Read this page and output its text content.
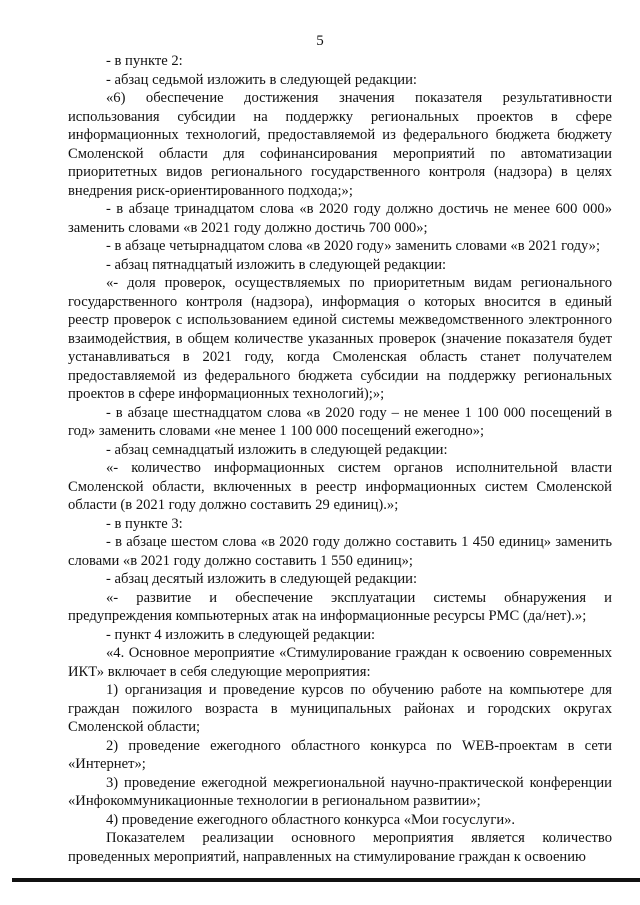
5

- в пункте 2:

- абзац седьмой изложить в следующей редакции:

«6) обеспечение достижения значения показателя результативности использования субсидии на поддержку региональных проектов в сфере информационных технологий, предоставляемой из федерального бюджета бюджету Смоленской области для софинансирования мероприятий по автоматизации приоритетных видов регионального государственного контроля (надзора) в целях внедрения риск-ориентированного подхода;»;

- в абзаце тринадцатом слова «в 2020 году должно достичь не менее 600 000» заменить словами «в 2021 году должно достичь 700 000»;

- в абзаце четырнадцатом слова «в 2020 году» заменить словами «в 2021 году»;

- абзац пятнадцатый изложить в следующей редакции:

«- доля проверок, осуществляемых по приоритетным видам регионального государственного контроля (надзора), информация о которых вносится в единый реестр проверок с использованием единой системы межведомственного электронного взаимодействия, в общем количестве указанных проверок (значение показателя будет устанавливаться в 2021 году, когда Смоленская область станет получателем предоставляемой из федерального бюджета субсидии на поддержку региональных проектов в сфере информационных технологий);»;

- в абзаце шестнадцатом слова «в 2020 году – не менее 1 100 000 посещений в год» заменить словами «не менее 1 100 000 посещений ежегодно»;

- абзац семнадцатый изложить в следующей редакции:

«- количество информационных систем органов исполнительной власти Смоленской области, включенных в реестр информационных систем Смоленской области (в 2021 году должно составить 29 единиц).»;

- в пункте 3:

- в абзаце шестом слова «в 2020 году должно составить 1 450 единиц» заменить словами «в 2021 году должно составить 1 550 единиц»;

- абзац десятый изложить в следующей редакции:

«- развитие и обеспечение эксплуатации системы обнаружения и предупреждения компьютерных атак на информационные ресурсы РМС (да/нет).»;

- пункт 4 изложить в следующей редакции:

«4. Основное мероприятие «Стимулирование граждан к освоению современных ИКТ» включает в себя следующие мероприятия:

1) организация и проведение курсов по обучению работе на компьютере для граждан пожилого возраста в муниципальных районах и городских округах Смоленской области;

2) проведение ежегодного областного конкурса по WEB-проектам в сети «Интернет»;

3) проведение ежегодной межрегиональной научно-практической конференции «Инфокоммуникационные технологии в региональном развитии»;

4) проведение ежегодного областного конкурса «Мои госуслуги».

Показателем реализации основного мероприятия является количество проведенных мероприятий, направленных на стимулирование граждан к освоению
